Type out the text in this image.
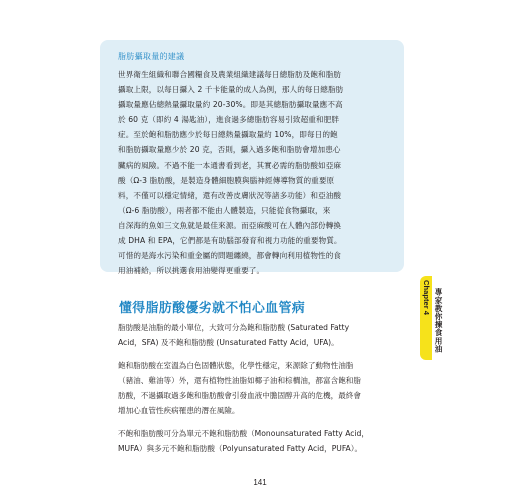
脂肪攝取量的建議
世界衛生組織和聯合國糧食及農業組織建議每日總脂肪及飽和脂肪
攝取上限，以每日攝入 2 千卡能量的成人為例，那人的每日總脂肪
攝取量應佔總熱量攝取量約 20-30%。即是其總脂肪攝取量應不高
於 60 克（即約 4 湯匙油），進食過多總脂肪容易引致超重和肥胖
症。至於飽和脂肪應少於每日總熱量攝取量約 10%，即每日的飽
和脂肪攝取量應少於 20 克，否則，攝入過多飽和脂肪會增加患心
臟病的風險。不過不能一本通書看到老，其實必需的脂肪酸如亞麻
酸（Ω-3 脂肪酸，是製造身體細胞膜與腦神經傳導物質的重要原
料，不僅可以穩定情緒，還有改善皮膚狀況等諸多功能）和亞油酸
（Ω-6 脂肪酸），兩者都不能由人體製造，只能從食物攝取，來
自深海的魚如三文魚就是最佳來源。而亞麻酸可在人體內部份轉換
成 DHA 和 EPA，它們都是有助腦部發育和視力功能的重要物質。
可惜的是海水污染和重金屬的問題纏繞，都會轉向利用植物性的食
用油補給，所以挑選食用油變得更重要了。
懂得脂肪酸優劣就不怕心血管病
脂肪酸是油脂的最小單位，大致可分為飽和脂肪酸 (Saturated Fatty
Acid，SFA) 及不飽和脂肪酸 (Unsaturated Fatty Acid，UFA)。
飽和脂肪酸在室溫為白色固體狀態，化學性穩定，來源除了動物性油脂
（豬油、雞油等）外，還有植物性油脂如椰子油和棕櫚油，都富含飽和脂
肪酸，不過攝取過多飽和脂肪酸會引發血液中膽固醇升高的危機，最終會
增加心血管性疾病罹患的潛在風險。
不飽和脂肪酸可分為單元不飽和脂肪酸（Monounsaturated Fatty Acid，
MUFA）與多元不飽和脂肪酸（Polyunsaturated Fatty Acid，PUFA）。
Chapter 4 專家教你揀食用油
141
